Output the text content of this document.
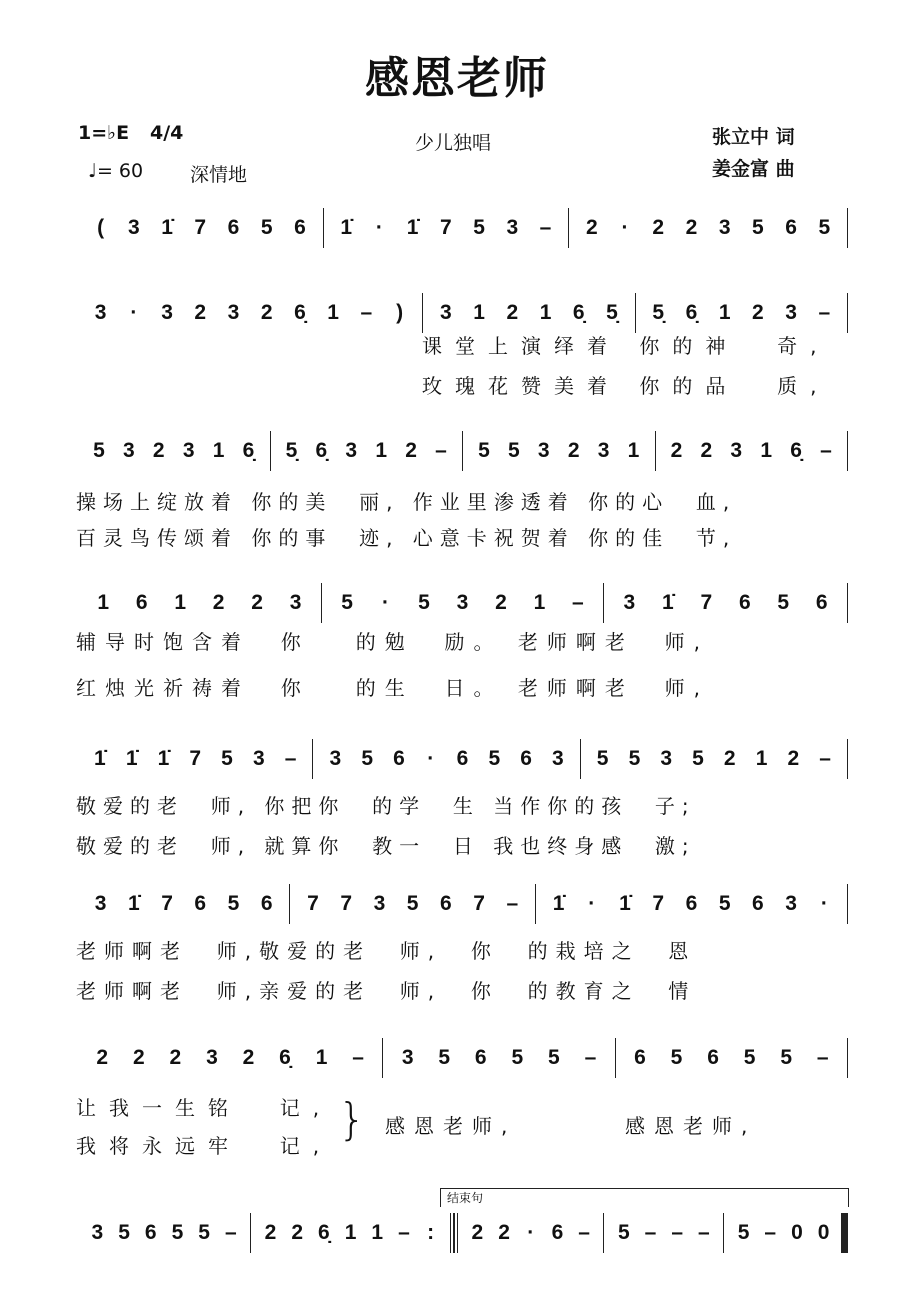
感恩老师
1=♭E 4/4
♩= 60 深情地
少儿独唱	张立中 词
姜金富 曲
( 3 1̇ 7 6 5 6 1̇ · 1̇ 7 5 3 – 2 · 2 2 3 5 6 5
3 · 3 2 3 2 6̣ 1 – ) 3 1 2 1 6̣ 5̣ 5̣ 6̣ 1 2 3 –
5 3 2 3 1 6̣ 5̣ 6̣ 3 1 2 – 5 5 3 2 3 1 2 2 3 1 6̣ –
1 6 1 2 2 3 5 · 5 3 2 1 – 3 1̇ 7 6 5 6
1̇ 1̇ 1̇ 7 5 3 – 3 5 6 · 6 5 6 3 5 5 3 5 2 1 2 –
3 1̇ 7 6 5 6 7 7 3 5 6 7 – 1̇ · 1̇ 7 6 5 6 3 ·
2 2 2 3 2 6̣ 1 – 3 5 6 5 5 – 6 5 6 5 5 –
3 5 6 5 5 – 2 2 6̣ 1 1 – : 2 2 · 6 – 5 – – – 5 – 0 0
课堂上演绎着 你的神  奇,
玫瑰花赞美着 你的品  质,
操场上绽放着 你的美  丽, 作业里渗透着 你的心  血,
百灵鸟传颂着 你的事  迹, 心意卡祝贺着 你的佳  节,
辅导时饱含着  你   的勉  励。 老师啊老  师,
红烛光祈祷着  你   的生  日。 老师啊老  师,
敬爱的老  师, 你把你  的学  生 当作你的孩  子;
敬爱的老  师, 就算你  教一  日 我也终身感  激;
老师啊老  师,敬爱的老  师,  你  的栽培之  恩
老师啊老  师,亲爱的老  师,  你  的教育之  情
让我一生铭  记,
我将永远牢  记,
} 感恩老师,	感恩老师,
结束句
